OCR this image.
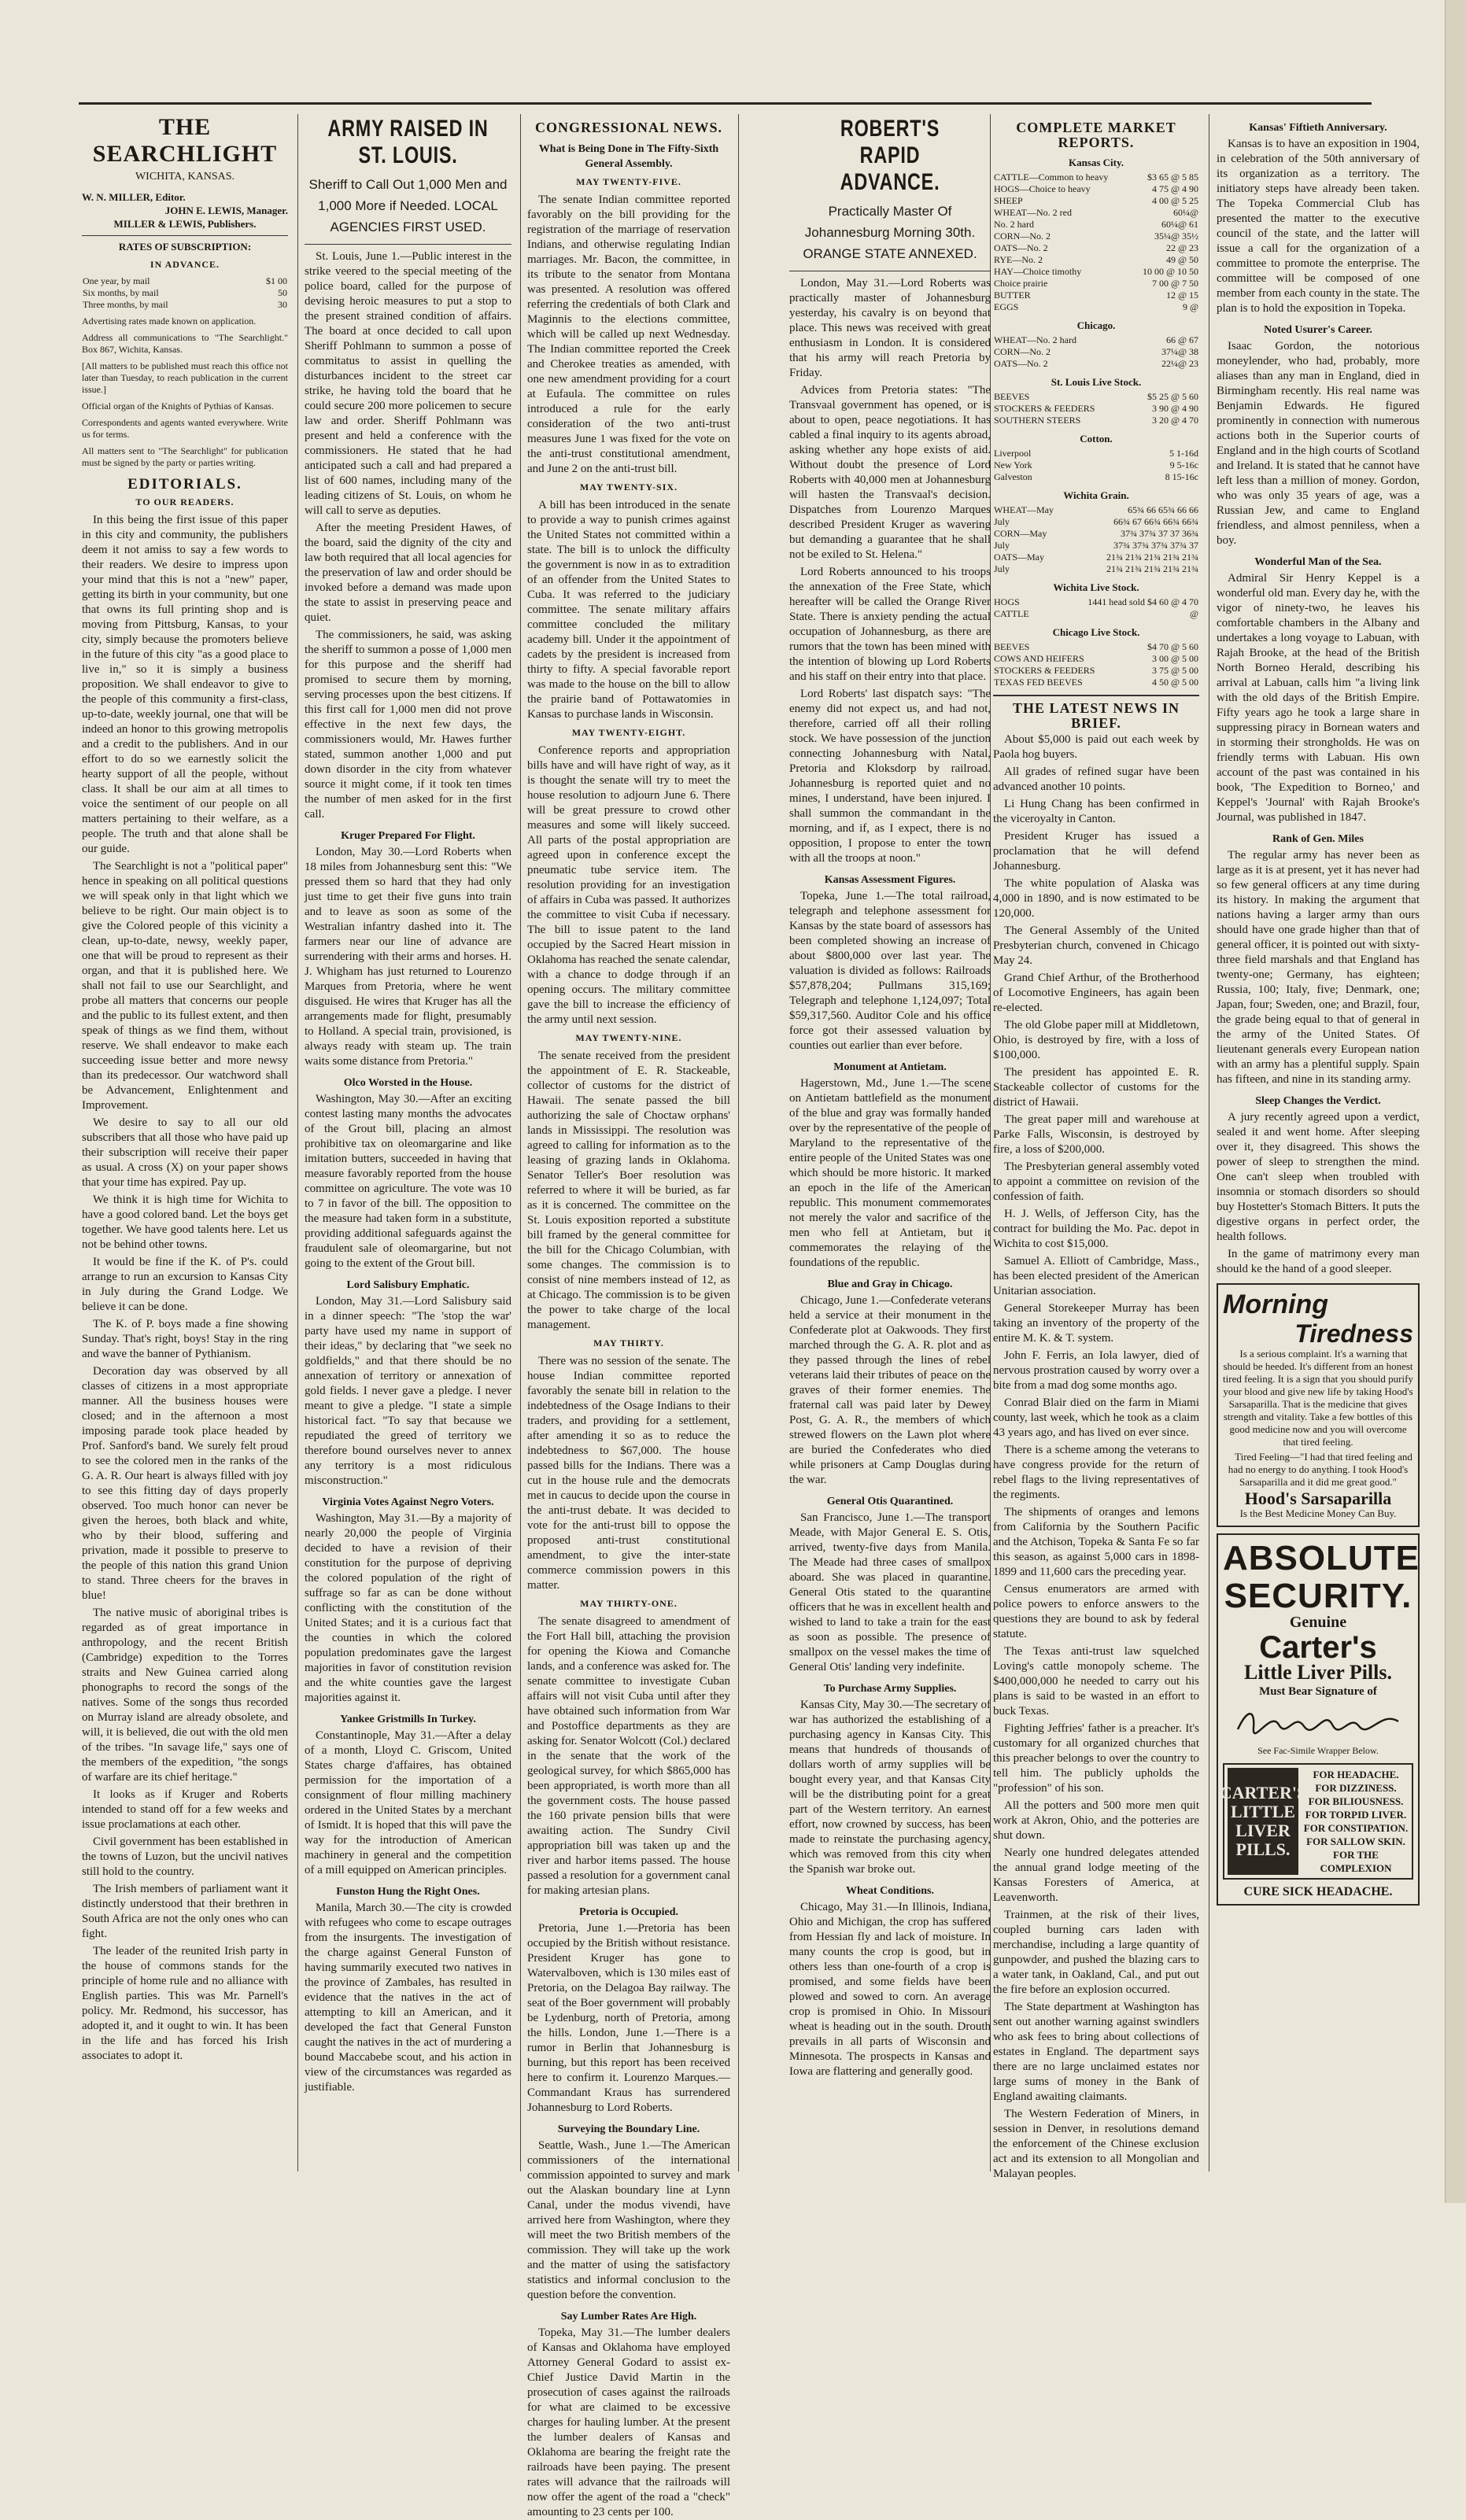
THE SEARCHLIGHT
WICHITA, KANSAS.
W. N. MILLER, Editor.
JOHN E. LEWIS, Manager.
MILLER & LEWIS, Publishers.
RATES OF SUBSCRIPTION:
IN ADVANCE.
One year, by mail	$1 00
Six months, by mail	50
Three months, by mail	30
Advertising rates made known on application.
Address all communications to "The Searchlight." Box 867, Wichita, Kansas.
[All matters to be published must reach this office not later than Tuesday, to reach publication in the current issue.]
Official organ of the Knights of Pythias of Kansas.
Correspondents and agents wanted everywhere. Write us for terms.
All matters sent to "The Searchlight" for publication must be signed by the party or parties writing.
EDITORIALS.
TO OUR READERS.

In this being the first issue of this paper in this city and community, the publishers deem it not amiss to say a few words to their readers. We desire to impress upon your mind that this is not a "new" paper, getting its birth in your community, but one that owns its full printing shop and is moving from Pittsburg, Kansas, to your city, simply because the promoters believe in the future of this city "as a good place to live in," so it is simply a business proposition. We shall endeavor to give to the people of this community a first-class, up-to-date, weekly journal, one that will be indeed an honor to this growing metropolis and a credit to the publishers. And in our effort to do so we earnestly solicit the hearty support of all the people, without class. It shall be our aim at all times to voice the sentiment of our people on all matters pertaining to their welfare, as a people. The truth and that alone shall be our guide.

The Searchlight is not a "political paper" hence in speaking on all political questions we will speak only in that light which we believe to be right. Our main object is to give the Colored people of this vicinity a clean, up-to-date, newsy, weekly paper, one that will be proud to represent as their organ, and that it is published here. We shall not fail to use our Searchlight, and probe all matters that concerns our people and the public to its fullest extent, and then speak of things as we find them, without reserve. We shall endeavor to make each succeeding issue better and more newsy than its predecessor. Our watchword shall be Advancement, Enlightenment and Improvement.

We desire to say to all our old subscribers that all those who have paid up their subscription will receive their paper as usual. A cross (X) on your paper shows that your time has expired. Pay up.

We think it is high time for Wichita to have a good colored band. Let the boys get together. We have good talents here. Let us not be behind other towns.

It would be fine if the K. of P's. could arrange to run an excursion to Kansas City in July during the Grand Lodge. We believe it can be done.

The K. of P. boys made a fine showing Sunday. That's right, boys! Stay in the ring and wave the banner of Pythianism.

Decoration day was observed by all classes of citizens in a most appropriate manner. All the business houses were closed; and in the afternoon a most imposing parade took place headed by Prof. Sanford's band. We surely felt proud to see the colored men in the ranks of the G. A. R. Our heart is always filled with joy to see this fitting day of days properly observed. Too much honor can never be given the heroes, both black and white, who by their blood, suffering and privation, made it possible to preserve to the people of this nation this grand Union to stand. Three cheers for the braves in blue!

The native music of aboriginal tribes is regarded as of great importance in anthropology, and the recent British (Cambridge) expedition to the Torres straits and New Guinea carried along phonographs to record the songs of the natives. Some of the songs thus recorded on Murray island are already obsolete, and will, it is believed, die out with the old men of the tribes. "In savage life," says one of the members of the expedition, "the songs of warfare are its chief heritage."

It looks as if Kruger and Roberts intended to stand off for a few weeks and issue proclamations at each other.

Civil government has been established in the towns of Luzon, but the uncivil natives still hold to the country.

The Irish members of parliament want it distinctly understood that their brethren in South Africa are not the only ones who can fight.

The leader of the reunited Irish party in the house of commons stands for the principle of home rule and no alliance with English parties. This was Mr. Parnell's policy. Mr. Redmond, his successor, has adopted it, and it ought to win. It has been in the life and has forced his Irish associates to adopt it.

ARMY RAISED IN ST. LOUIS.
Sheriff to Call Out 1,000 Men and 1,000 More if Needed. LOCAL AGENCIES FIRST USED.

St. Louis, June 1.—Public interest in the strike veered to the special meeting of the police board, called for the purpose of devising heroic measures to put a stop to the present strained condition of affairs. The board at once decided to call upon Sheriff Pohlmann to summon a posse of commitatus to assist in quelling the disturbances incident to the street car strike, he having told the board that he could secure 200 more policemen to secure law and order. Sheriff Pohlmann was present and held a conference with the commissioners. He stated that he had anticipated such a call and had prepared a list of 600 names, including many of the leading citizens of St. Louis, on whom he will call to serve as deputies.

After the meeting President Hawes, of the board, said the dignity of the city and law both required that all local agencies for the preservation of law and order should be invoked before a demand was made upon the state to assist in preserving peace and quiet.

The commissioners, he said, was asking the sheriff to summon a posse of 1,000 men for this purpose and the sheriff had promised to secure them by morning, serving processes upon the best citizens. If this first call for 1,000 men did not prove effective in the next few days, the commissioners would, Mr. Hawes further stated, summon another 1,000 and put down disorder in the city from whatever source it might come, if it took ten times the number of men asked for in the first call.

Kruger Prepared For Flight.

London, May 30.—Lord Roberts when 18 miles from Johannesburg sent this: "We pressed them so hard that they had only just time to get their five guns into train and to leave as soon as some of the Westralian infantry dashed into it. The farmers near our line of advance are surrendering with their arms and horses. H. J. Whigham has just returned to Lourenzo Marques from Pretoria, where he went disguised. He wires that Kruger has all the arrangements made for flight, presumably to Holland. A special train, provisioned, is always ready with steam up. The train waits some distance from Pretoria."

Olco Worsted in the House.

Washington, May 30.—After an exciting contest lasting many months the advocates of the Grout bill, placing an almost prohibitive tax on oleomargarine and like imitation butters, succeeded in having that measure favorably reported from the house committee on agriculture. The vote was 10 to 7 in favor of the bill. The opposition to the measure had taken form in a substitute, providing additional safeguards against the fraudulent sale of oleomargarine, but not going to the extent of the Grout bill.

Lord Salisbury Emphatic.

London, May 31.—Lord Salisbury said in a dinner speech: "The 'stop the war' party have used my name in support of their ideas," by declaring that "we seek no goldfields," and that there should be no annexation of territory or annexation of gold fields. I never gave a pledge. I never meant to give a pledge. "I state a simple historical fact. "To say that because we repudiated the greed of territory we therefore bound ourselves never to annex any territory is a most ridiculous misconstruction."

Virginia Votes Against Negro Voters.

Washington, May 31.—By a majority of nearly 20,000 the people of Virginia decided to have a revision of their constitution for the purpose of depriving the colored population of the right of suffrage so far as can be done without conflicting with the constitution of the United States; and it is a curious fact that the counties in which the colored population predominates gave the largest majorities in favor of constitution revision and the white counties gave the largest majorities against it.

Yankee Gristmills In Turkey.

Constantinople, May 31.—After a delay of a month, Lloyd C. Griscom, United States charge d'affaires, has obtained permission for the importation of a consignment of flour milling machinery ordered in the United States by a merchant of Ismidt. It is hoped that this will pave the way for the introduction of American machinery in general and the competition of a mill equipped on American principles.

Funston Hung the Right Ones.

Manila, March 30.—The city is crowded with refugees who come to escape outrages from the insurgents. The investigation of the charge against General Funston of having summarily executed two natives in the province of Zambales, has resulted in evidence that the natives in the act of attempting to kill an American, and it developed the fact that General Funston caught the natives in the act of murdering a bound Maccabebe scout, and his action in view of the circumstances was regarded as justifiable.

CONGRESSIONAL NEWS.
What is Being Done in The Fifty-Sixth General Assembly.
MAY TWENTY-FIVE.

The senate Indian committee reported favorably on the bill providing for the registration of the marriage of reservation Indians, and otherwise regulating Indian marriages. Mr. Bacon, the committee, in its tribute to the senator from Montana was presented. A resolution was offered referring the credentials of both Clark and Maginnis to the elections committee, which will be called up next Wednesday. The Indian committee reported the Creek and Cherokee treaties as amended, with one new amendment providing for a court at Eufaula. The committee on rules introduced a rule for the early consideration of the two anti-trust measures June 1 was fixed for the vote on the anti-trust constitutional amendment, and June 2 on the anti-trust bill.

MAY TWENTY-SIX.

A bill has been introduced in the senate to provide a way to punish crimes against the United States not committed within a state. The bill is to unlock the difficulty the government is now in as to extradition of an offender from the United States to Cuba. It was referred to the judiciary committee. The senate military affairs committee concluded the military academy bill. Under it the appointment of cadets by the president is increased from thirty to fifty. A special favorable report was made to the house on the bill to allow the prairie band of Pottawatomies in Kansas to purchase lands in Wisconsin.

MAY TWENTY-EIGHT.

Conference reports and appropriation bills have and will have right of way, as it is thought the senate will try to meet the house resolution to adjourn June 6. There will be great pressure to crowd other measures and some will likely succeed. All parts of the postal appropriation are agreed upon in conference except the pneumatic tube service item. The resolution providing for an investigation of affairs in Cuba was passed. It authorizes the committee to visit Cuba if necessary. The bill to issue patent to the land occupied by the Sacred Heart mission in Oklahoma has reached the senate calendar, with a chance to dodge through if an opening occurs. The military committee gave the bill to increase the efficiency of the army until next session.

MAY TWENTY-NINE.

The senate received from the president the appointment of E. R. Stackeable, collector of customs for the district of Hawaii. The senate passed the bill authorizing the sale of Choctaw orphans' lands in Mississippi. The resolution was agreed to calling for information as to the leasing of grazing lands in Oklahoma. Senator Teller's Boer resolution was referred to where it will be buried, as far as it is concerned. The committee on the St. Louis exposition reported a substitute bill framed by the general committee for the bill for the Chicago Columbian, with some changes. The commission is to consist of nine members instead of 12, as at Chicago. The commission is to be given the power to take charge of the local management.

MAY THIRTY.

There was no session of the senate. The house Indian committee reported favorably the senate bill in relation to the indebtedness of the Osage Indians to their traders, and providing for a settlement, after amending it so as to reduce the indebtedness to $67,000. The house passed bills for the Indians. There was a cut in the house rule and the democrats met in caucus to decide upon the course in the anti-trust debate. It was decided to vote for the anti-trust bill to oppose the proposed anti-trust constitutional amendment, to give the inter-state commerce commission powers in this matter.

MAY THIRTY-ONE.

The senate disagreed to amendment of the Fort Hall bill, attaching the provision for opening the Kiowa and Comanche lands, and a conference was asked for. The senate committee to investigate Cuban affairs will not visit Cuba until after they have obtained such information from War and Postoffice departments as they are asking for. Senator Wolcott (Col.) declared in the senate that the work of the geological survey, for which $865,000 has been appropriated, is worth more than all the government costs. The house passed the 160 private pension bills that were awaiting action. The Sundry Civil appropriation bill was taken up and the river and harbor items passed. The house passed a resolution for a government canal for making artesian plans.

Pretoria is Occupied.

Pretoria, June 1.—Pretoria has been occupied by the British without resistance. President Kruger has gone to Watervalboven, which is 130 miles east of Pretoria, on the Delagoa Bay railway. The seat of the Boer government will probably be Lydenburg, north of Pretoria, among the hills. London, June 1.—There is a rumor in Berlin that Johannesburg is burning, but this report has been received here to confirm it. Lourenzo Marques.—Commandant Kraus has surrendered Johannesburg to Lord Roberts.

Surveying the Boundary Line.

Seattle, Wash., June 1.—The American commissioners of the international commission appointed to survey and mark out the Alaskan boundary line at Lynn Canal, under the modus vivendi, have arrived here from Washington, where they will meet the two British members of the commission. They will take up the work and the matter of using the satisfactory statistics and informal conclusion to the question before the convention.

Say Lumber Rates Are High.

Topeka, May 31.—The lumber dealers of Kansas and Oklahoma have employed Attorney General Godard to assist ex-Chief Justice David Martin in the prosecution of cases against the railroads for what are claimed to be excessive charges for hauling lumber. At the present the lumber dealers of Kansas and Oklahoma are bearing the freight rate the railroads have been paying. The present rates will advance that the railroads will now offer the agent of the road a "check" amounting to 23 cents per 100.

ROBERT'S RAPID ADVANCE.
Practically Master Of Johannesburg Morning 30th. ORANGE STATE ANNEXED.

London, May 31.—Lord Roberts was practically master of Johannesburg yesterday, his cavalry is on beyond that place. This news was received with great enthusiasm in London. It is considered that his army will reach Pretoria by Friday.

Advices from Pretoria states: "The Transvaal government has opened, or is about to open, peace negotiations. It has cabled a final inquiry to its agents abroad, asking whether any hope exists of aid. Without doubt the presence of Lord Roberts with 40,000 men at Johannesburg will hasten the Transvaal's decision. Dispatches from Lourenzo Marques described President Kruger as wavering but demanding a guarantee that he shall not be exiled to St. Helena."

Lord Roberts announced to his troops the annexation of the Free State, which hereafter will be called the Orange River State. There is anxiety pending the actual occupation of Johannesburg, as there are rumors that the town has been mined with the intention of blowing up Lord Roberts and his staff on their entry into that place.

Lord Roberts' last dispatch says: "The enemy did not expect us, and had not, therefore, carried off all their rolling stock. We have possession of the junction connecting Johannesburg with Natal, Pretoria and Kloksdorp by railroad. Johannesburg is reported quiet and no mines, I understand, have been injured. I shall summon the commandant in the morning, and if, as I expect, there is no opposition, I propose to enter the town with all the troops at noon."

Kansas Assessment Figures.

Topeka, June 1.—The total railroad, telegraph and telephone assessment for Kansas by the state board of assessors has been completed showing an increase of about $800,000 over last year. The valuation is divided as follows: Railroads $57,878,204; Pullmans 315,169; Telegraph and telephone 1,124,097; Total $59,317,560. Auditor Cole and his office force got their assessed valuation by counties out earlier than ever before.

Monument at Antietam.

Hagerstown, Md., June 1.—The scene on Antietam battlefield as the monument of the blue and gray was formally handed over by the representative of the people of Maryland to the representative of the entire people of the United States was one which should be more historic. It marked an epoch in the life of the American republic. This monument commemorates not merely the valor and sacrifice of the men who fell at Antietam, but it commemorates the relaying of the foundations of the republic.

Blue and Gray in Chicago.

Chicago, June 1.—Confederate veterans held a service at their monument in the Confederate plot at Oakwoods. They first marched through the G. A. R. plot and as they passed through the lines of rebel veterans laid their tributes of peace on the graves of their former enemies. The fraternal call was paid later by Dewey Post, G. A. R., the members of which strewed flowers on the Lawn plot where are buried the Confederates who died while prisoners at Camp Douglas during the war.

General Otis Quarantined.

San Francisco, June 1.—The transport Meade, with Major General E. S. Otis, arrived, twenty-five days from Manila. The Meade had three cases of smallpox aboard. She was placed in quarantine. General Otis stated to the quarantine officers that he was in excellent health and wished to land to take a train for the east as soon as possible. The presence of smallpox on the vessel makes the time of General Otis' landing very indefinite.

To Purchase Army Supplies.

Kansas City, May 30.—The secretary of war has authorized the establishing of a purchasing agency in Kansas City. This means that hundreds of thousands of dollars worth of army supplies will be bought every year, and that Kansas City will be the distributing point for a great part of the Western territory. An earnest effort, now crowned by success, has been made to reinstate the purchasing agency, which was removed from this city when the Spanish war broke out.

Wheat Conditions.

Chicago, May 31.—In Illinois, Indiana, Ohio and Michigan, the crop has suffered from Hessian fly and lack of moisture. In many counts the crop is good, but in others less than one-fourth of a crop is promised, and some fields have been plowed and sowed to corn. An average crop is promised in Ohio. In Missouri wheat is heading out in the south. Drouth prevails in all parts of Wisconsin and Minnesota. The prospects in Kansas and Iowa are flattering and generally good.

COMPLETE MARKET REPORTS.
Kansas City.
CATTLE—Common to heavy	$3 65 @ 5 85
HOGS—Choice to heavy	4 75 @ 4 90
SHEEP	4 00 @ 5 25
WHEAT—No. 2 red	60¼@
No. 2 hard	60¼@ 61
CORN—No. 2	35¼@ 35½
OATS—No. 2	22 @ 23
RYE—No. 2	49 @ 50
HAY—Choice timothy	10 00 @ 10 50
Choice prairie	7 00 @ 7 50
BUTTER	12 @ 15
EGGS	9 @
Chicago.
WHEAT—No. 2 hard	66 @ 67
CORN—No. 2	37¼@ 38
OATS—No. 2	22¼@ 23
St. Louis Live Stock.
BEEVES	$5 25 @ 5 60
STOCKERS & FEEDERS	3 90 @ 4 90
SOUTHERN STEERS	3 20 @ 4 70
Cotton.
Liverpool	5 1-16d
New York	9 5-16c
Galveston	8 15-16c
Wichita Grain.
WHEAT—May	65¾ 66 65¾ 66 66
July	66¾ 67 66¾ 66¾ 66¾
CORN—May	37¾ 37¾ 37 37 36¾
July	37¾ 37¾ 37¾ 37¾ 37
OATS—May	21¾ 21¾ 21¾ 21¾ 21¾
July	21¾ 21¾ 21¾ 21¾ 21¾
Wichita Live Stock.
HOGS	1441 head sold $4 60 @ 4 70
CATTLE	@
Chicago Live Stock.
BEEVES	$4 70 @ 5 60
COWS AND HEIFERS	3 00 @ 5 00
STOCKERS & FEEDERS	3 75 @ 5 00
TEXAS FED BEEVES	4 50 @ 5 00
THE LATEST NEWS IN BRIEF.

About $5,000 is paid out each week by Paola hog buyers.

All grades of refined sugar have been advanced another 10 points.

Li Hung Chang has been confirmed in the viceroyalty in Canton.

President Kruger has issued a proclamation that he will defend Johannesburg.

The white population of Alaska was 4,000 in 1890, and is now estimated to be 120,000.

The General Assembly of the United Presbyterian church, convened in Chicago May 24.

Grand Chief Arthur, of the Brotherhood of Locomotive Engineers, has again been re-elected.

The old Globe paper mill at Middletown, Ohio, is destroyed by fire, with a loss of $100,000.

The president has appointed E. R. Stackeable collector of customs for the district of Hawaii.

The great paper mill and warehouse at Parke Falls, Wisconsin, is destroyed by fire, a loss of $200,000.

The Presbyterian general assembly voted to appoint a committee on revision of the confession of faith.

H. J. Wells, of Jefferson City, has the contract for building the Mo. Pac. depot in Wichita to cost $15,000.

Samuel A. Elliott of Cambridge, Mass., has been elected president of the American Unitarian association.

General Storekeeper Murray has been taking an inventory of the property of the entire M. K. & T. system.

John F. Ferris, an Iola lawyer, died of nervous prostration caused by worry over a bite from a mad dog some months ago.

Conrad Blair died on the farm in Miami county, last week, which he took as a claim 43 years ago, and has lived on ever since.

There is a scheme among the veterans to have congress provide for the return of rebel flags to the living representatives of the regiments.

The shipments of oranges and lemons from California by the Southern Pacific and the Atchison, Topeka & Santa Fe so far this season, as against 5,000 cars in 1898-1899 and 11,600 cars the preceding year.

Census enumerators are armed with police powers to enforce answers to the questions they are bound to ask by federal statute.

The Texas anti-trust law squelched Loving's cattle monopoly scheme. The $400,000,000 he needed to carry out his plans is said to be wasted in an effort to buck Texas.

Fighting Jeffries' father is a preacher. It's customary for all organized churches that this preacher belongs to over the country to tell him. The publicly upholds the "profession" of his son.

All the potters and 500 more men quit work at Akron, Ohio, and the potteries are shut down.

Nearly one hundred delegates attended the annual grand lodge meeting of the Kansas Foresters of America, at Leavenworth.

Trainmen, at the risk of their lives, coupled burning cars laden with merchandise, including a large quantity of gunpowder, and pushed the blazing cars to a water tank, in Oakland, Cal., and put out the fire before an explosion occurred.

The State department at Washington has sent out another warning against swindlers who ask fees to bring about collections of estates in England. The department says there are no large unclaimed estates nor large sums of money in the Bank of England awaiting claimants.

The Western Federation of Miners, in session in Denver, in resolutions demand the enforcement of the Chinese exclusion act and its extension to all Mongolian and Malayan peoples.

Kansas' Fiftieth Anniversary.

Kansas is to have an exposition in 1904, in celebration of the 50th anniversary of its organization as a territory. The initiatory steps have already been taken. The Topeka Commercial Club has presented the matter to the executive council of the state, and the latter will issue a call for the organization of a committee to promote the enterprise. The committee will be composed of one member from each county in the state. The plan is to hold the exposition in Topeka.

Noted Usurer's Career.

Isaac Gordon, the notorious moneylender, who had, probably, more aliases than any man in England, died in Birmingham recently. His real name was Benjamin Edwards. He figured prominently in connection with numerous actions both in the Superior courts of England and in the high courts of Scotland and Ireland. It is stated that he cannot have left less than a million of money. Gordon, who was only 35 years of age, was a Russian Jew, and came to England friendless, and almost penniless, when a boy.

Wonderful Man of the Sea.

Admiral Sir Henry Keppel is a wonderful old man. Every day he, with the vigor of ninety-two, he leaves his comfortable chambers in the Albany and undertakes a long voyage to Labuan, with Rajah Brooke, at the head of the British North Borneo Herald, describing his arrival at Labuan, calls him "a living link with the old days of the British Empire. Fifty years ago he took a large share in suppressing piracy in Bornean waters and in storming their strongholds. He was on friendly terms with Labuan. His own account of the past was contained in his book, 'The Expedition to Borneo,' and Keppel's 'Journal' with Rajah Brooke's Journal, was published in 1847.

Rank of Gen. Miles

The regular army has never been as large as it is at present, yet it has never had so few general officers at any time during its history. In making the argument that nations having a larger army than ours should have one grade higher than that of general officer, it is pointed out with sixty-three field marshals and that England has twenty-one; Germany, has eighteen; Russia, 100; Italy, five; Denmark, one; Japan, four; Sweden, one; and Brazil, four, the grade being equal to that of general in the army of the United States. Of lieutenant generals every European nation with an army has a plentiful supply. Spain has fifteen, and nine in its standing army.

Sleep Changes the Verdict.

A jury recently agreed upon a verdict, sealed it and went home. After sleeping over it, they disagreed. This shows the power of sleep to strengthen the mind. One can't sleep when troubled with insomnia or stomach disorders so should buy Hostetter's Stomach Bitters. It puts the digestive organs in perfect order, the health follows.

In the game of matrimony every man should ke the hand of a good sleeper.

Morning
Tiredness

Is a serious complaint. It's a warning that should be heeded. It's different from an honest tired feeling. It is a sign that you should purify your blood and give new life by taking Hood's Sarsaparilla. That is the medicine that gives strength and vitality. Take a few bottles of this good medicine now and you will overcome that tired feeling.

Tired Feeling—"I had that tired feeling and had no energy to do anything. I took Hood's Sarsaparilla and it did me great good."

Hood's Sarsaparilla
Is the Best Medicine Money Can Buy.
ABSOLUTE SECURITY.
Genuine
Carter's
Little Liver Pills.
Must Bear Signature of
See Fac-Simile Wrapper Below.
CARTER'S LITTLE LIVER PILLS.
FOR HEADACHE.
FOR DIZZINESS.
FOR BILIOUSNESS.
FOR TORPID LIVER.
FOR CONSTIPATION.
FOR SALLOW SKIN.
FOR THE COMPLEXION
CURE SICK HEADACHE.
